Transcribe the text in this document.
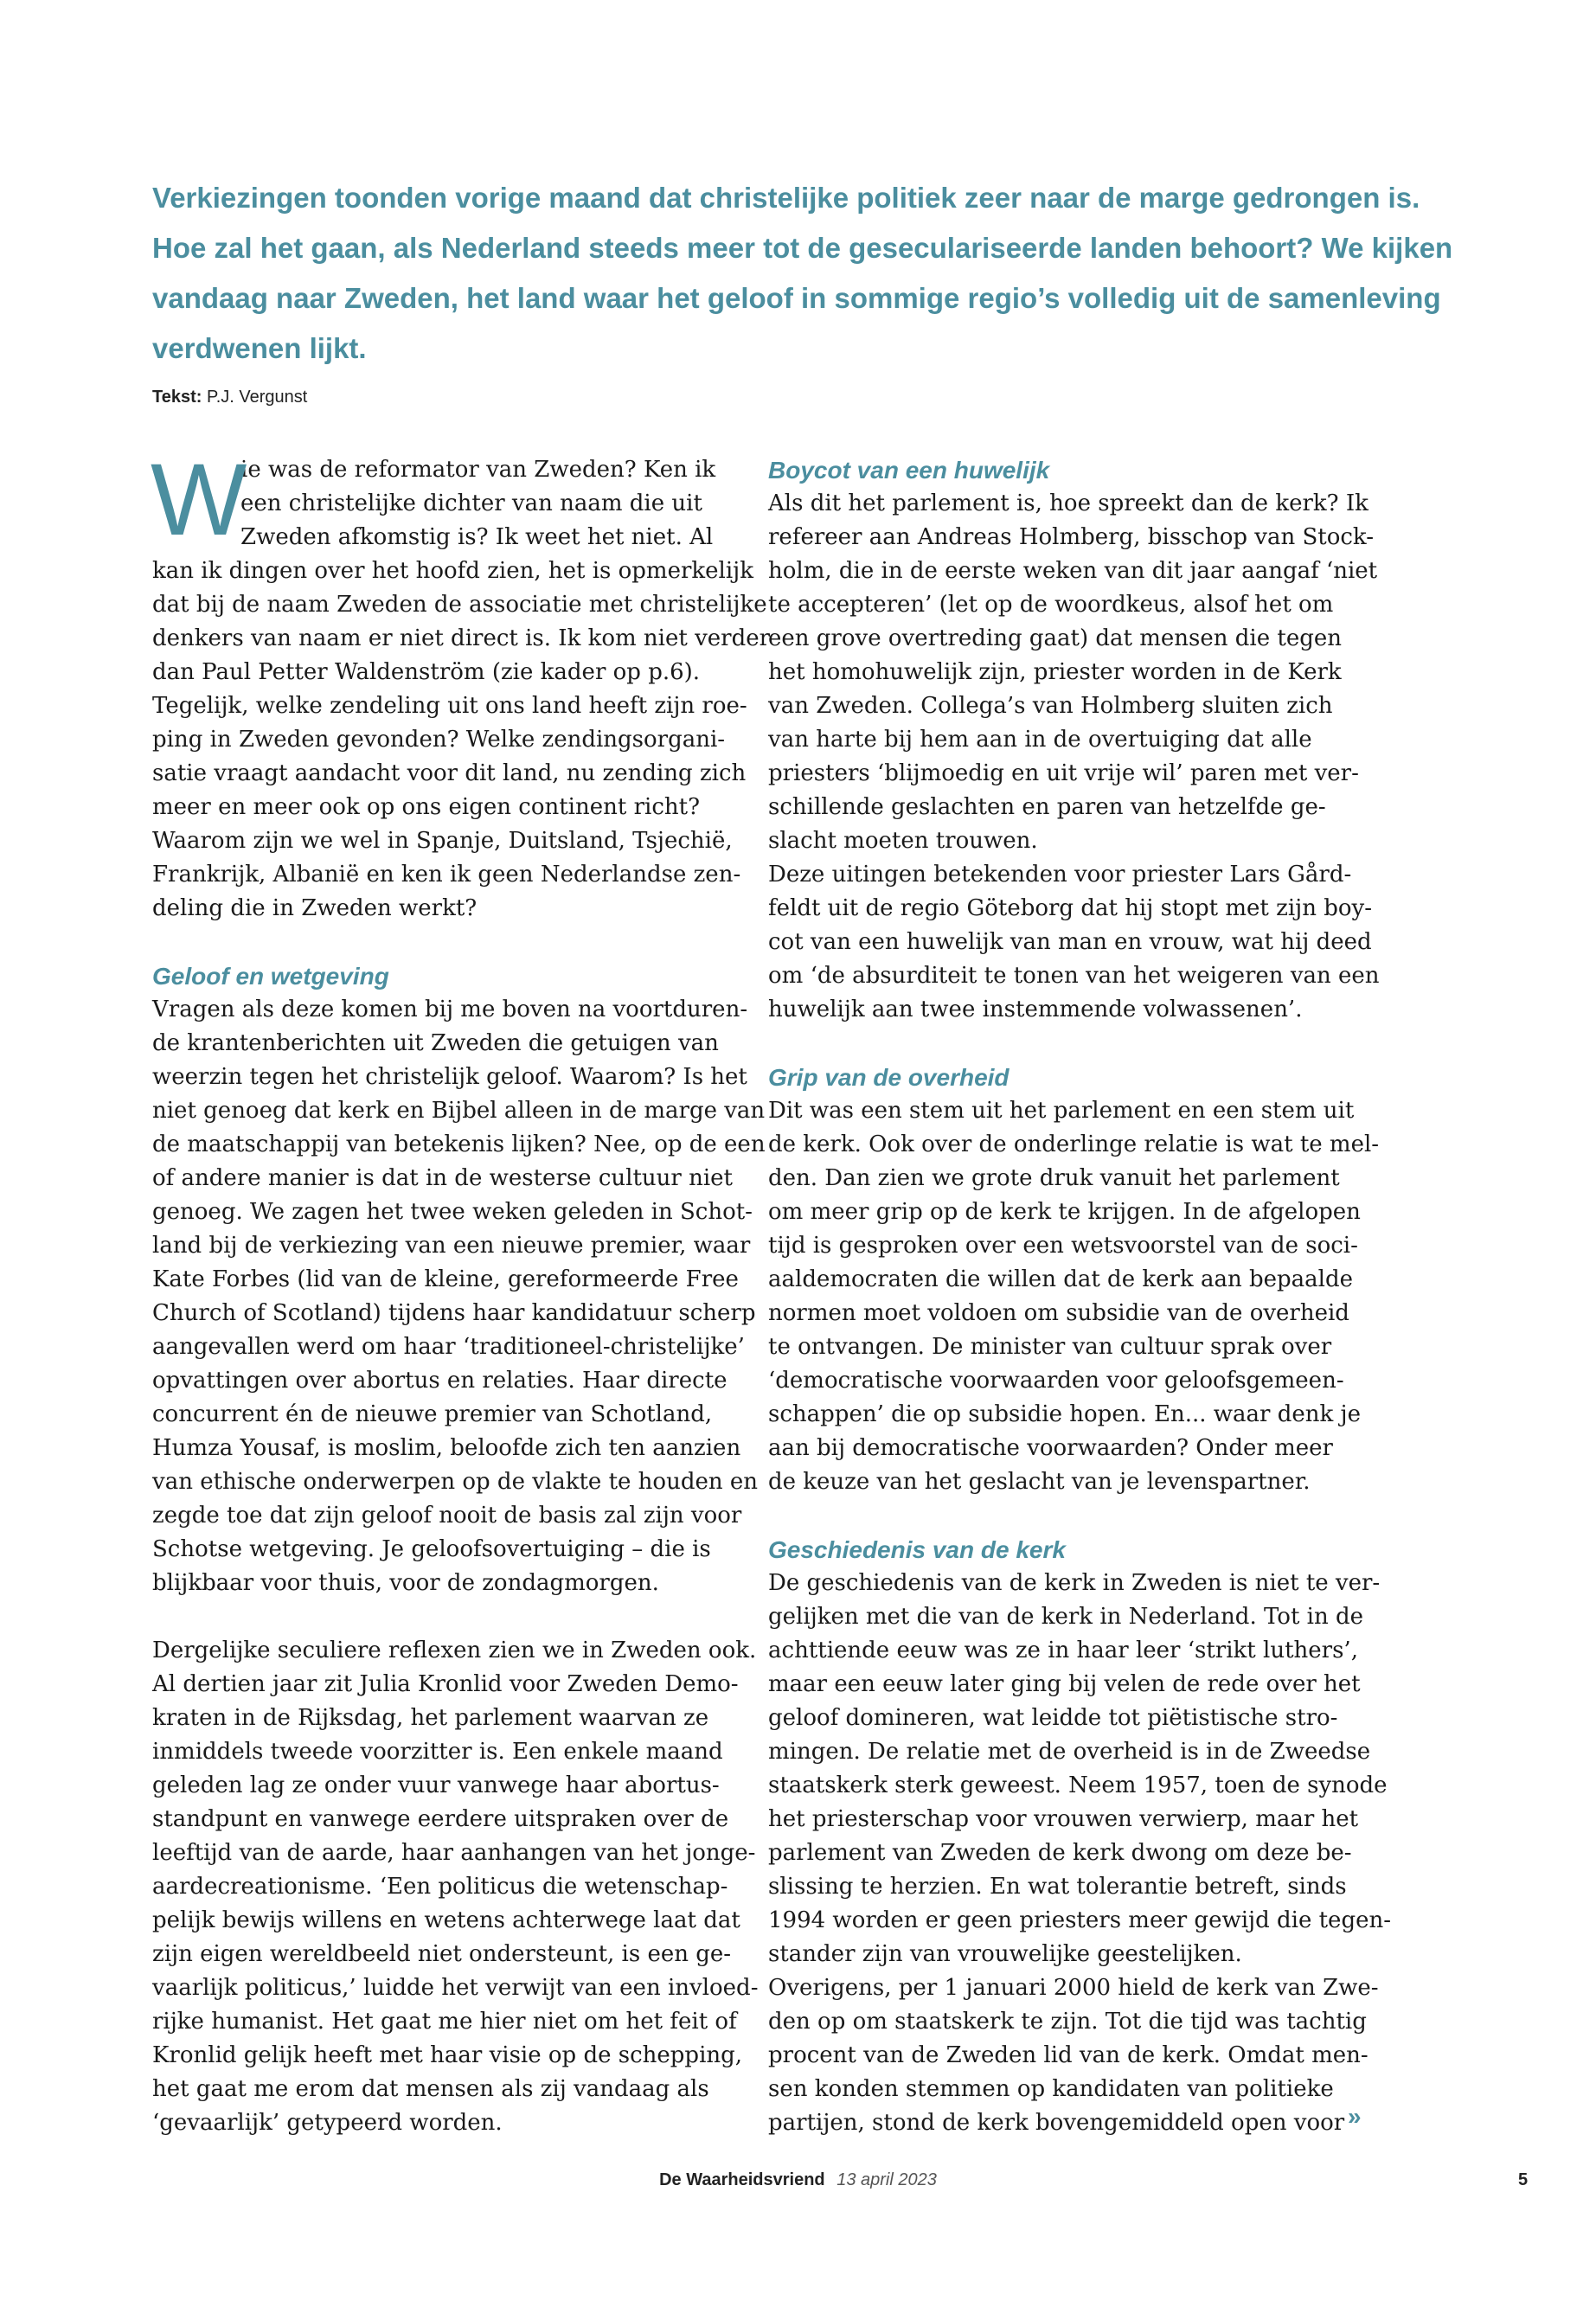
Verkiezingen toonden vorige maand dat christelijke politiek zeer naar de marge gedrongen is.

Hoe zal het gaan, als Nederland steeds meer tot de geseculariseerde landen behoort? We kijken

vandaag naar Zweden, het land waar het geloof in sommige regio’s volledig uit de samenleving

verdwenen lijkt.

Tekst: P.J. Vergunst
W

ie was de reformator van Zweden? Ken ik

een christelijke dichter van naam die uit

Zweden afkomstig is? Ik weet het niet. Al

kan ik dingen over het hoofd zien, het is opmerkelijk

dat bij de naam Zweden de associatie met christelijke

denkers van naam er niet direct is. Ik kom niet verder

dan Paul Petter Waldenström (zie kader op p.6).

Tegelijk, welke zendeling uit ons land heeft zijn roe-

ping in Zweden gevonden? Welke zendingsorgani-

satie vraagt aandacht voor dit land, nu zending zich

meer en meer ook op ons eigen continent richt?

Waarom zijn we wel in Spanje, Duitsland, Tsjechië,

Frankrijk, Albanië en ken ik geen Nederlandse zen-

deling die in Zweden werkt?

Geloof en wetgeving

Vragen als deze komen bij me boven na voortduren-

de krantenberichten uit Zweden die getuigen van

weerzin tegen het christelijk geloof. Waarom? Is het

niet genoeg dat kerk en Bijbel alleen in de marge van

de maatschappij van betekenis lijken? Nee, op de een

of andere manier is dat in de westerse cultuur niet

genoeg. We zagen het twee weken geleden in Schot-

land bij de verkiezing van een nieuwe premier, waar

Kate Forbes (lid van de kleine, gereformeerde Free

Church of Scotland) tijdens haar kandidatuur scherp

aangevallen werd om haar ‘traditioneel-christelijke’

opvattingen over abortus en relaties. Haar directe

concurrent én de nieuwe premier van Schotland,

Humza Yousaf, is moslim, beloofde zich ten aanzien

van ethische onderwerpen op de vlakte te houden en

zegde toe dat zijn geloof nooit de basis zal zijn voor

Schotse wetgeving. Je geloofsovertuiging – die is

blijkbaar voor thuis, voor de zondagmorgen.

Dergelijke seculiere reflexen zien we in Zweden ook.

Al dertien jaar zit Julia Kronlid voor Zweden Demo-

kraten in de Rijksdag, het parlement waarvan ze

inmiddels tweede voorzitter is. Een enkele maand

geleden lag ze onder vuur vanwege haar abortus-

standpunt en vanwege eerdere uitspraken over de

leeftijd van de aarde, haar aanhangen van het jonge-

aardecreationisme. ‘Een politicus die wetenschap-

pelijk bewijs willens en wetens achterwege laat dat

zijn eigen wereldbeeld niet ondersteunt, is een ge-

vaarlijk politicus,’ luidde het verwijt van een invloed-

rijke humanist. Het gaat me hier niet om het feit of

Kronlid gelijk heeft met haar visie op de schepping,

het gaat me erom dat mensen als zij vandaag als

‘gevaarlijk’ getypeerd worden.

Boycot van een huwelijk

Als dit het parlement is, hoe spreekt dan de kerk? Ik

refereer aan Andreas Holmberg, bisschop van Stock-

holm, die in de eerste weken van dit jaar aangaf ‘niet

te accepteren’ (let op de woordkeus, alsof het om

een grove overtreding gaat) dat mensen die tegen

het homohuwelijk zijn, priester worden in de Kerk

van Zweden. Collega’s van Holmberg sluiten zich

van harte bij hem aan in de overtuiging dat alle

priesters ‘blijmoedig en uit vrije wil’ paren met ver-

schillende geslachten en paren van hetzelfde ge-

slacht moeten trouwen.

Deze uitingen betekenden voor priester Lars Gård-

feldt uit de regio Göteborg dat hij stopt met zijn boy-

cot van een huwelijk van man en vrouw, wat hij deed

om ‘de absurditeit te tonen van het weigeren van een

huwelijk aan twee instemmende volwassenen’.

Grip van de overheid

Dit was een stem uit het parlement en een stem uit

de kerk. Ook over de onderlinge relatie is wat te mel-

den. Dan zien we grote druk vanuit het parlement

om meer grip op de kerk te krijgen. In de afgelopen

tijd is gesproken over een wetsvoorstel van de soci-

aaldemocraten die willen dat de kerk aan bepaalde

normen moet voldoen om subsidie van de overheid

te ontvangen. De minister van cultuur sprak over

‘democratische voorwaarden voor geloofsgemeen-

schappen’ die op subsidie hopen. En... waar denk je

aan bij democratische voorwaarden? Onder meer

de keuze van het geslacht van je levenspartner.

Geschiedenis van de kerk

De geschiedenis van de kerk in Zweden is niet te ver-

gelijken met die van de kerk in Nederland. Tot in de

achttiende eeuw was ze in haar leer ‘strikt luthers’,

maar een eeuw later ging bij velen de rede over het

geloof domineren, wat leidde tot piëtistische stro-

mingen. De relatie met de overheid is in de Zweedse

staatskerk sterk geweest. Neem 1957, toen de synode

het priesterschap voor vrouwen verwierp, maar het

parlement van Zweden de kerk dwong om deze be-

slissing te herzien. En wat tolerantie betreft, sinds

1994 worden er geen priesters meer gewijd die tegen-

stander zijn van vrouwelijke geestelijken.

Overigens, per 1 januari 2000 hield de kerk van Zwe-

den op om staatskerk te zijn. Tot die tijd was tachtig

procent van de Zweden lid van de kerk. Omdat men-

sen konden stemmen op kandidaten van politieke

partijen, stond de kerk bovengemiddeld open voor »
De Waarheidsvriend 13 april 2023	5
